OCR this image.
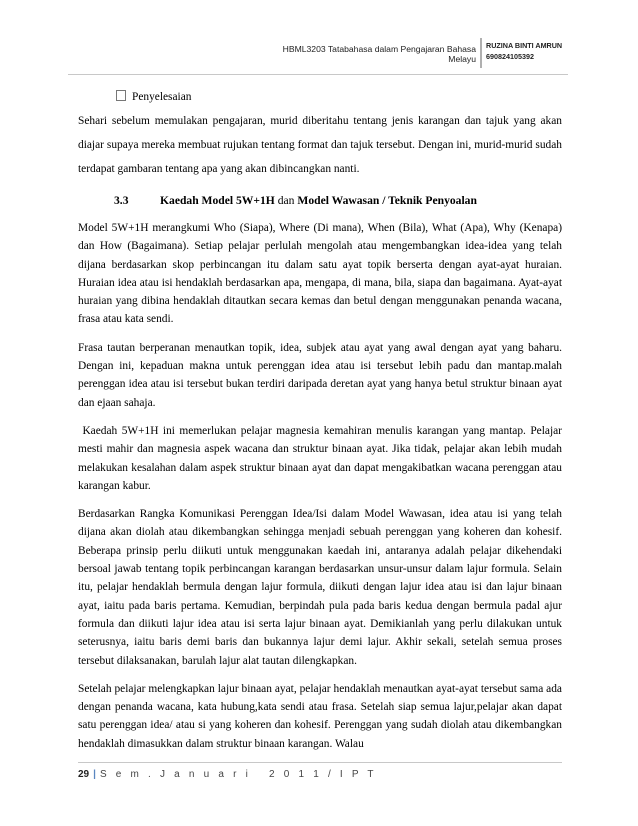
HBML3203 Tatabahasa dalam Pengajaran Bahasa Melayu
RUZINA BINTI AMRUN
690824105392

Penyelesaian

Sehari sebelum memulakan pengajaran, murid diberitahu tentang jenis karangan dan tajuk yang akan diajar supaya mereka membuat rujukan tentang format dan tajuk tersebut. Dengan ini, murid-murid sudah terdapat gambaran tentang apa yang akan dibincangkan nanti.

3.3	Kaedah Model 5W+1H dan Model Wawasan / Teknik Penyoalan

Model 5W+1H merangkumi Who (Siapa), Where (Di mana), When (Bila), What (Apa), Why (Kenapa) dan How (Bagaimana). Setiap pelajar perlulah mengolah atau mengembangkan idea-idea yang telah dijana berdasarkan skop perbincangan itu dalam satu ayat topik berserta dengan ayat-ayat huraian. Huraian idea atau isi hendaklah berdasarkan apa, mengapa, di mana, bila, siapa dan bagaimana. Ayat-ayat huraian yang dibina hendaklah ditautkan secara kemas dan betul dengan menggunakan penanda wacana, frasa atau kata sendi.

Frasa tautan berperanan menautkan topik, idea, subjek atau ayat yang awal dengan ayat yang baharu. Dengan ini, kepaduan makna untuk perenggan idea atau isi tersebut lebih padu dan mantap.malah perenggan idea atau isi tersebut bukan terdiri daripada deretan ayat yang hanya betul struktur binaan ayat dan ejaan sahaja.

Kaedah 5W+1H ini memerlukan pelajar magnesia kemahiran menulis karangan yang mantap. Pelajar mesti mahir dan magnesia aspek wacana dan struktur binaan ayat. Jika tidak, pelajar akan lebih mudah melakukan kesalahan dalam aspek struktur binaan ayat dan dapat mengakibatkan wacana perenggan atau karangan kabur.

Berdasarkan Rangka Komunikasi Perenggan Idea/Isi dalam Model Wawasan, idea atau isi yang telah dijana akan diolah atau dikembangkan sehingga menjadi sebuah perenggan yang koheren dan kohesif. Beberapa prinsip perlu diikuti untuk menggunakan kaedah ini, antaranya adalah pelajar dikehendaki bersoal jawab tentang topik perbincangan karangan berdasarkan unsur-unsur dalam lajur formula. Selain itu, pelajar hendaklah bermula dengan lajur formula, diikuti dengan lajur idea atau isi dan lajur binaan ayat, iaitu pada baris pertama. Kemudian, berpindah pula pada baris kedua dengan bermula padal ajur formula dan diikuti lajur idea atau isi serta lajur binaan ayat. Demikianlah yang perlu dilakukan untuk seterusnya, iaitu baris demi baris dan bukannya lajur demi lajur. Akhir sekali, setelah semua proses tersebut dilaksanakan, barulah lajur alat tautan dilengkapkan.

Setelah pelajar melengkapkan lajur binaan ayat, pelajar hendaklah menautkan ayat-ayat tersebut sama ada dengan penanda wacana, kata hubung,kata sendi atau frasa. Setelah siap semua lajur,pelajar akan dapat satu perenggan idea/ atau si yang koheren dan kohesif. Perenggan yang sudah diolah atau dikembangkan hendaklah dimasukkan dalam struktur binaan karangan. Walau

29 | S e m . J a n u a r i   2 0 1 1 / I P T
